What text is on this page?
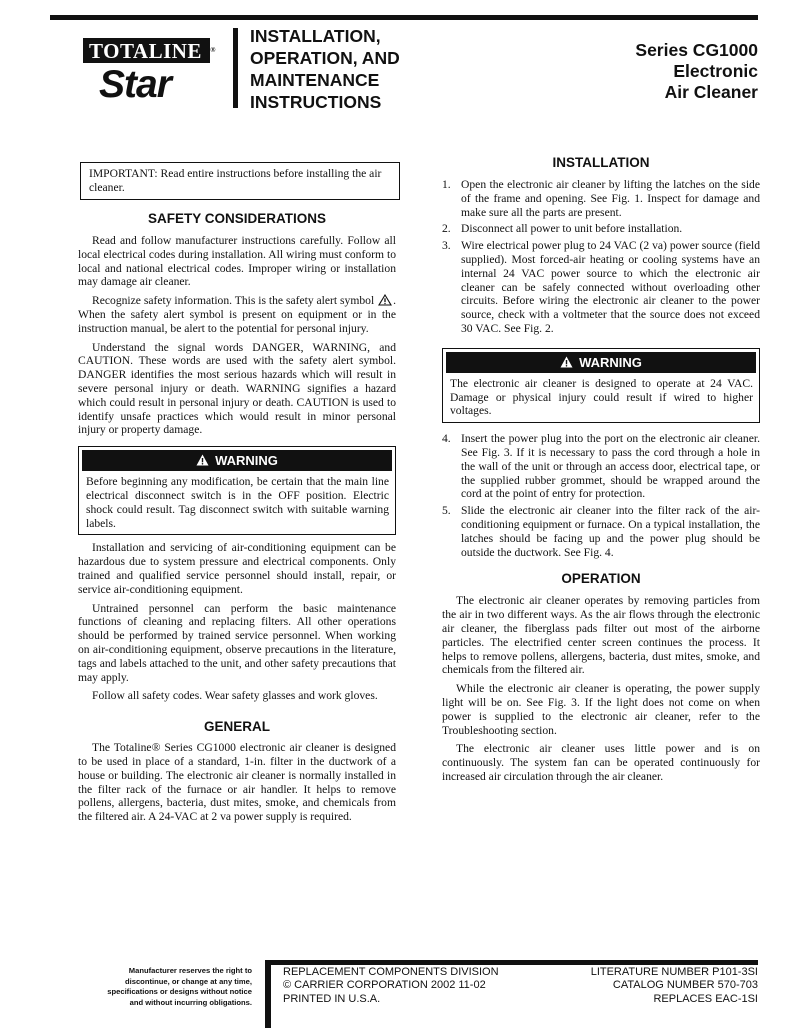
TOTALINE ®
Star
INSTALLATION,
OPERATION, AND
MAINTENANCE
INSTRUCTIONS
Series CG1000
Electronic
Air Cleaner
IMPORTANT: Read entire instructions before installing the air cleaner.
SAFETY CONSIDERATIONS

Read and follow manufacturer instructions carefully. Follow all local electrical codes during installation. All wiring must conform to local and national electrical codes. Improper wiring or installation may damage air cleaner.

Recognize safety information. This is the safety alert symbol . When the safety alert symbol is present on equipment or in the instruction manual, be alert to the potential for personal injury.

Understand the signal words DANGER, WARNING, and CAUTION. These words are used with the safety alert symbol. DANGER identifies the most serious hazards which will result in severe personal injury or death. WARNING signifies a hazard which could result in personal injury or death. CAUTION is used to identify unsafe practices which would result in minor personal injury or property damage.

WARNING
Before beginning any modification, be certain that the main line electrical disconnect switch is in the OFF position. Electric shock could result. Tag disconnect switch with suitable warning labels.

Installation and servicing of air-conditioning equipment can be hazardous due to system pressure and electrical components. Only trained and qualified service personnel should install, repair, or service air-conditioning equipment.

Untrained personnel can perform the basic maintenance functions of cleaning and replacing filters. All other operations should be performed by trained service personnel. When working on air-conditioning equipment, observe precautions in the literature, tags and labels attached to the unit, and other safety precautions that may apply.

Follow all safety codes. Wear safety glasses and work gloves.

GENERAL

The Totaline® Series CG1000 electronic air cleaner is designed to be used in place of a standard, 1-in. filter in the ductwork of a house or building. The electronic air cleaner is normally installed in the filter rack of the furnace or air handler. It helps to remove pollens, allergens, bacteria, dust mites, smoke, and chemicals from the filtered air. A 24-VAC at 2 va power supply is required.

INSTALLATION
1. Open the electronic air cleaner by lifting the latches on the side of the frame and opening. See Fig. 1. Inspect for damage and make sure all the parts are present.
2. Disconnect all power to unit before installation.
3. Wire electrical power plug to 24 VAC (2 va) power source (field supplied). Most forced-air heating or cooling systems have an internal 24 VAC power source to which the electronic air cleaner can be safely connected without overloading other circuits. Before wiring the electronic air cleaner to the power source, check with a voltmeter that the source does not exceed 30 VAC. See Fig. 2.
WARNING
The electronic air cleaner is designed to operate at 24 VAC. Damage or physical injury could result if wired to higher voltages.
4. Insert the power plug into the port on the electronic air cleaner. See Fig. 3. If it is necessary to pass the cord through a hole in the wall of the unit or through an access door, electrical tape, or the supplied rubber grommet, should be wrapped around the cord at the point of entry for protection.
5. Slide the electronic air cleaner into the filter rack of the air-conditioning equipment or furnace. On a typical installation, the latches should be facing up and the power plug should be outside the ductwork. See Fig. 4.
OPERATION

The electronic air cleaner operates by removing particles from the air in two different ways. As the air flows through the electronic air cleaner, the fiberglass pads filter out most of the airborne particles. The electrified center screen continues the process. It helps to remove pollens, allergens, bacteria, dust mites, smoke, and chemicals from the filtered air.

While the electronic air cleaner is operating, the power supply light will be on. See Fig. 3. If the light does not come on when power is supplied to the electronic air cleaner, refer to the Troubleshooting section.

The electronic air cleaner uses little power and is on continuously. The system fan can be operated continuously for increased air circulation through the air cleaner.

Manufacturer reserves the right to
discontinue, or change at any time,
specifications or designs without notice
and without incurring obligations.
REPLACEMENT COMPONENTS DIVISION
© CARRIER CORPORATION 2002 11-02
PRINTED IN U.S.A.
LITERATURE NUMBER P101-3SI
CATALOG NUMBER 570-703
REPLACES EAC-1SI
